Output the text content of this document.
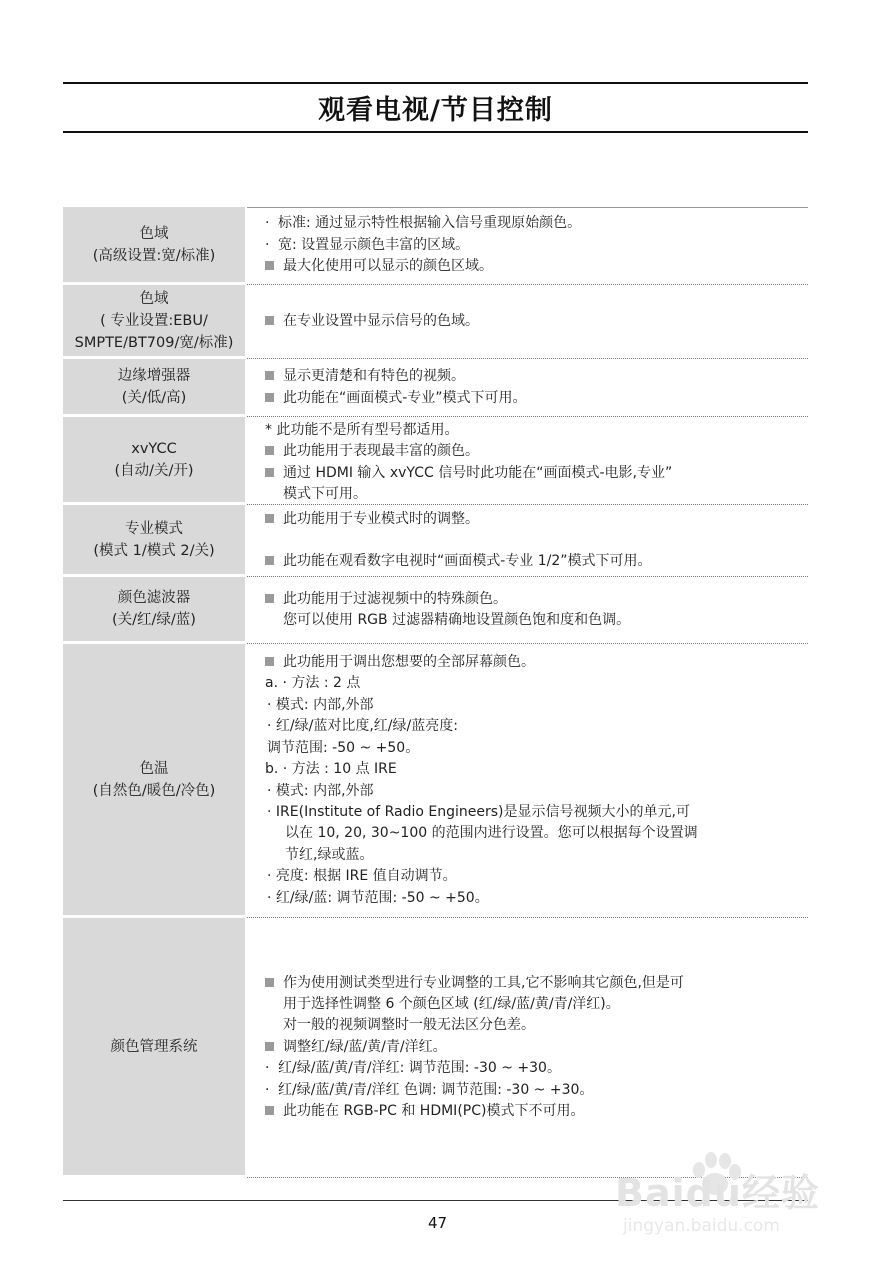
观看电视/节目控制
色域
(高级设置:宽/标准)
· 标准: 通过显示特性根据输入信号重现原始颜色。
· 宽: 设置显示颜色丰富的区域。
最大化使用可以显示的颜色区域。
色域
( 专业设置:EBU/
SMPTE/BT709/宽/标准)
在专业设置中显示信号的色域。
边缘增强器
(关/低/高)
显示更清楚和有特色的视频。
此功能在“画面模式-专业”模式下可用。
xvYCC
(自动/关/开)
* 此功能不是所有型号都适用。
此功能用于表现最丰富的颜色。
通过 HDMI 输入 xvYCC 信号时此功能在“画面模式-电影,专业”
模式下可用。
专业模式
(模式 1/模式 2/关)
此功能用于专业模式时的调整。
此功能在观看数字电视时“画面模式-专业 1/2”模式下可用。
颜色滤波器
(关/红/绿/蓝)
此功能用于过滤视频中的特殊颜色。
您可以使用 RGB 过滤器精确地设置颜色饱和度和色调。
色温
(自然色/暖色/冷色)
此功能用于调出您想要的全部屏幕颜色。
a. · 方法 : 2 点
· 模式: 内部,外部
· 红/绿/蓝对比度,红/绿/蓝亮度:
调节范围: -50 ~ +50。
b. · 方法 : 10 点 IRE
· 模式: 内部,外部
· IRE(Institute of Radio Engineers)是显示信号视频大小的单元,可
以在 10, 20, 30~100 的范围内进行设置。您可以根据每个设置调
节红,绿或蓝。
· 亮度: 根据 IRE 值自动调节。
· 红/绿/蓝: 调节范围: -50 ~ +50。
颜色管理系统
作为使用测试类型进行专业调整的工具,它不影响其它颜色,但是可
用于选择性调整 6 个颜色区域 (红/绿/蓝/黄/青/洋红)。
对一般的视频调整时一般无法区分色差。
调整红/绿/蓝/黄/青/洋红。
· 红/绿/蓝/黄/青/洋红: 调节范围: -30 ~ +30。
· 红/绿/蓝/黄/青/洋红 色调: 调节范围: -30 ~ +30。
此功能在 RGB-PC 和 HDMI(PC)模式下不可用。
47
Baidu经验
jingyan.baidu.com
